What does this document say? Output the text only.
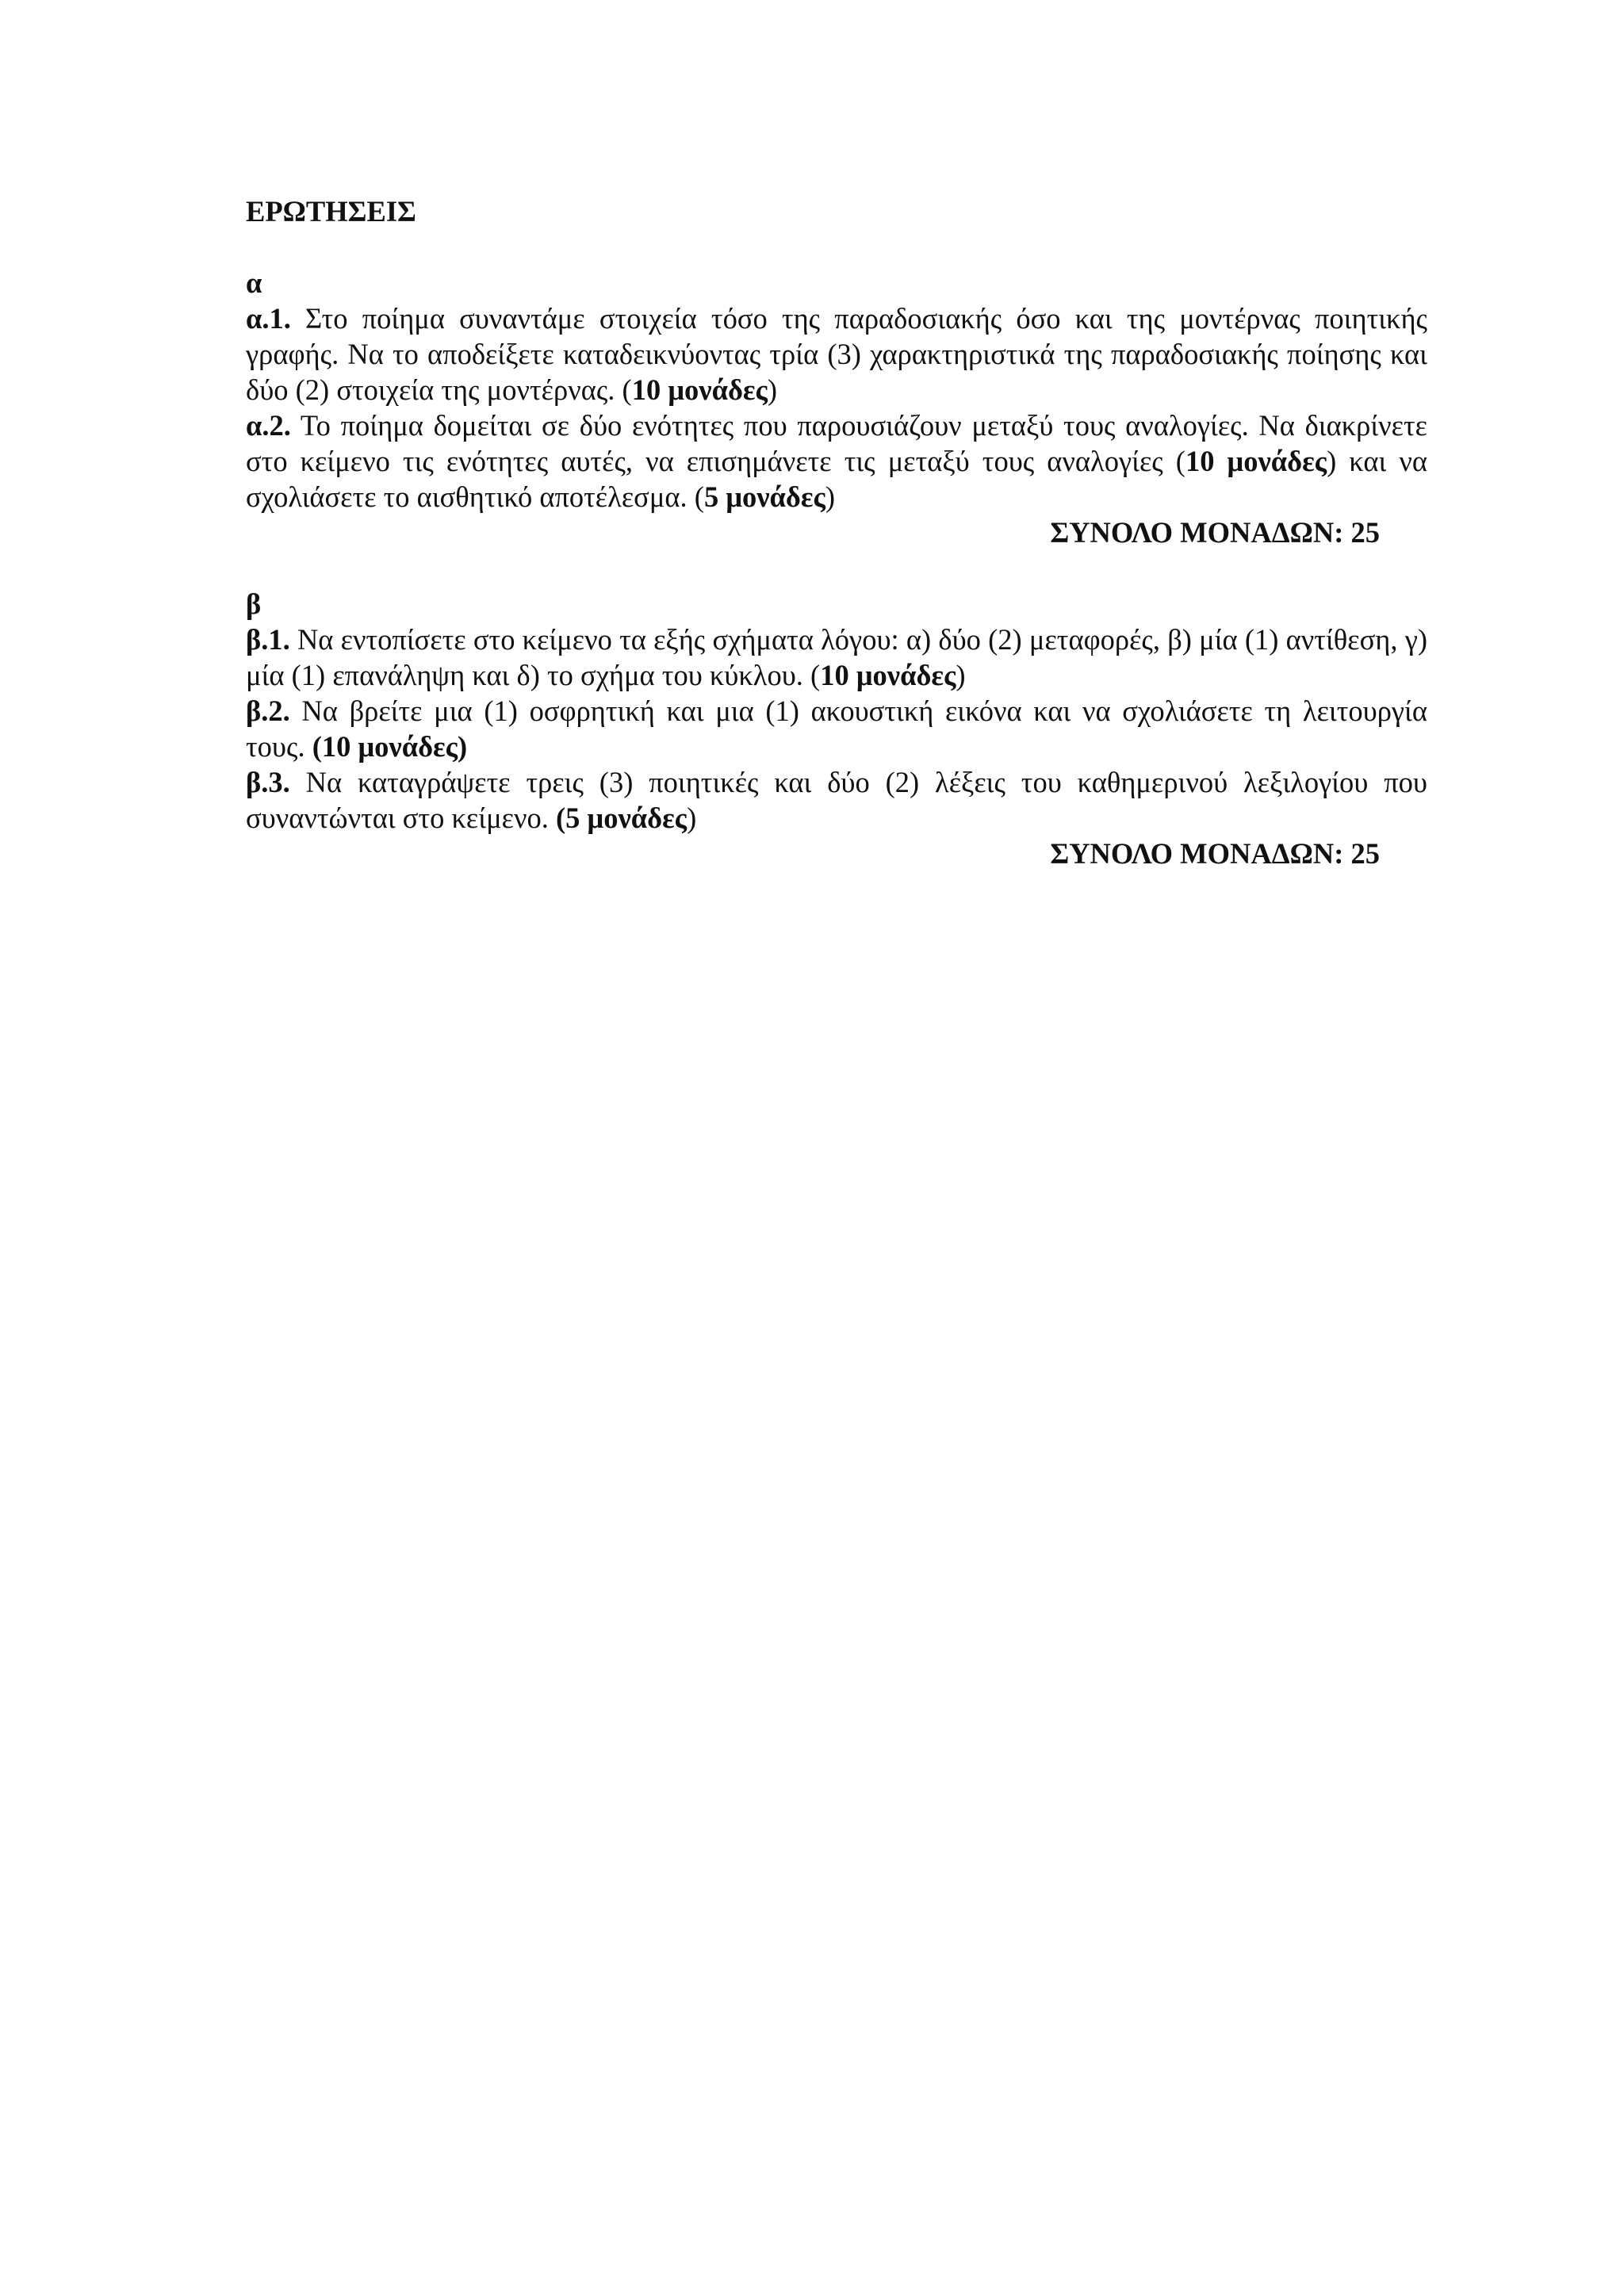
ΕΡΩΤΗΣΕΙΣ

α

α.1. Στο ποίημα συναντάμε στοιχεία τόσο της παραδοσιακής όσο και της μοντέρνας ποιητικής γραφής. Να το αποδείξετε καταδεικνύοντας τρία (3) χαρακτηριστικά της παραδοσιακής ποίησης και δύο (2) στοιχεία της μοντέρνας. (10 μονάδες)

α.2. Το ποίημα δομείται σε δύο ενότητες που παρουσιάζουν μεταξύ τους αναλογίες. Να διακρίνετε στο κείμενο τις ενότητες αυτές, να επισημάνετε τις μεταξύ τους αναλογίες (10 μονάδες) και να σχολιάσετε το αισθητικό αποτέλεσμα. (5 μονάδες)

ΣΥΝΟΛΟ ΜΟΝΑΔΩΝ: 25

β

β.1. Να εντοπίσετε στο κείμενο τα εξής σχήματα λόγου: α) δύο (2) μεταφορές, β) μία (1) αντίθεση, γ) μία (1) επανάληψη και δ) το σχήμα του κύκλου. (10 μονάδες)

β.2. Να βρείτε μια (1) οσφρητική και μια (1) ακουστική εικόνα και να σχολιάσετε τη λειτουργία τους. (10 μονάδες)

β.3. Να καταγράψετε τρεις (3) ποιητικές και δύο (2) λέξεις του καθημερινού λεξιλογίου που συναντώνται στο κείμενο. (5 μονάδες)

ΣΥΝΟΛΟ ΜΟΝΑΔΩΝ: 25
